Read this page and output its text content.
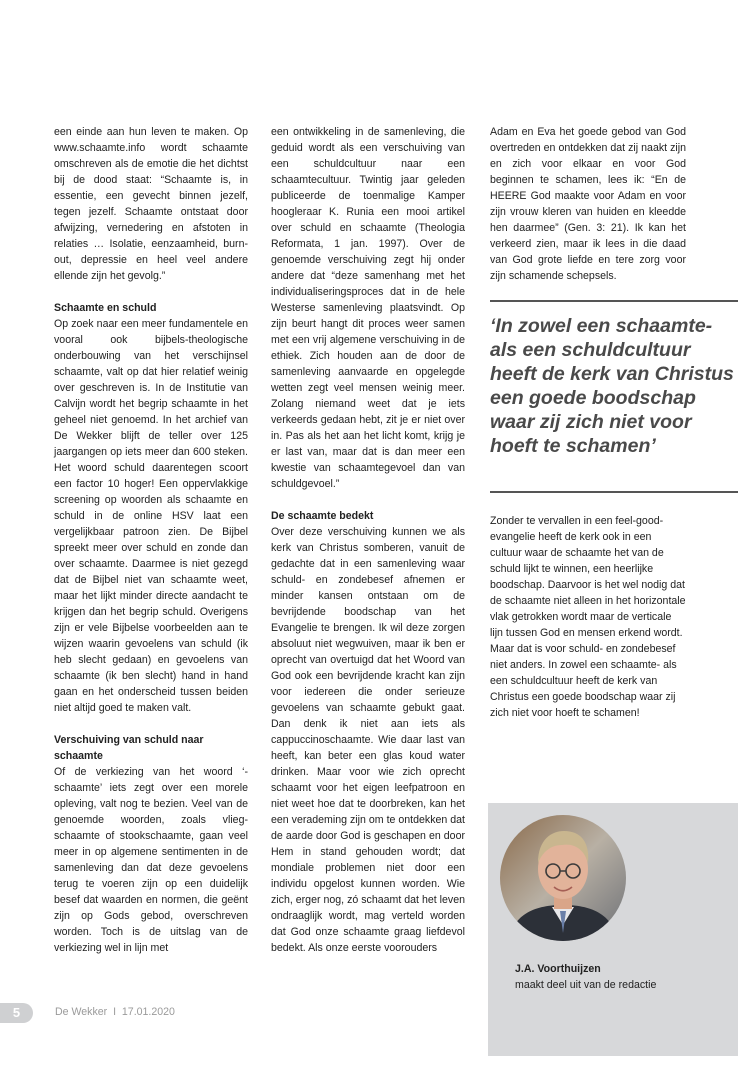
een einde aan hun leven te maken. Op www.schaamte.info wordt schaamte omschreven als de emotie die het dichtst bij de dood staat: “Schaamte is, in essentie, een gevecht binnen jezelf, tegen jezelf. Schaamte ontstaat door afwijzing, vernedering en afstoten in relaties … Isolatie, eenzaamheid, burn-out, depressie en heel veel andere ellende zijn het gevolg.”

Schaamte en schuld

Op zoek naar een meer fundamentele en vooral ook bijbels-theologische onderbouwing van het verschijnsel schaamte, valt op dat hier relatief weinig over geschreven is. In de Institutie van Calvijn wordt het begrip schaamte in het geheel niet genoemd. In het archief van De Wekker blijft de teller over 125 jaargangen op iets meer dan 600 steken. Het woord schuld daarentegen scoort een factor 10 hoger! Een oppervlakkige screening op woorden als schaamte en schuld in de online HSV laat een vergelijkbaar patroon zien. De Bijbel spreekt meer over schuld en zonde dan over schaamte. Daarmee is niet gezegd dat de Bijbel niet van schaamte weet, maar het lijkt minder directe aandacht te krijgen dan het begrip schuld. Overigens zijn er vele Bijbelse voorbeelden aan te wijzen waarin gevoelens van schuld (ik heb slecht gedaan) en gevoelens van schaamte (ik ben slecht) hand in hand gaan en het onderscheid tussen beiden niet altijd goed te maken valt.

Verschuiving van schuld naar schaamte

Of de verkiezing van het woord ‘-schaamte’ iets zegt over een morele opleving, valt nog te bezien. Veel van de genoemde woorden, zoals vlieg-schaamte of stookschaamte, gaan veel meer in op algemene sentimenten in de samenleving dan dat deze gevoelens terug te voeren zijn op een duidelijk besef dat waarden en normen, die geënt zijn op Gods gebod, overschreven worden. Toch is de uitslag van de verkiezing wel in lijn met

een ontwikkeling in de samenleving, die geduid wordt als een verschuiving van een schuldcultuur naar een schaamtecultuur. Twintig jaar geleden publiceerde de toenmalige Kamper hoogleraar K. Runia een mooi artikel over schuld en schaamte (Theologia Reformata, 1 jan. 1997). Over de genoemde verschuiving zegt hij onder andere dat “deze samenhang met het individualiseringsproces dat in de hele Westerse samenleving plaatsvindt. Op zijn beurt hangt dit proces weer samen met een vrij algemene verschuiving in de ethiek. Zich houden aan de door de samenleving aanvaarde en opgelegde wetten zegt veel mensen weinig meer. Zolang niemand weet dat je iets verkeerds gedaan hebt, zit je er niet over in. Pas als het aan het licht komt, krijg je er last van, maar dat is dan meer een kwestie van schaamtegevoel dan van schuldgevoel.”

De schaamte bedekt

Over deze verschuiving kunnen we als kerk van Christus somberen, vanuit de gedachte dat in een samenleving waar schuld- en zondebesef afnemen er minder kansen ontstaan om de bevrijdende boodschap van het Evangelie te brengen. Ik wil deze zorgen absoluut niet wegwuiven, maar ik ben er oprecht van overtuigd dat het Woord van God ook een bevrijdende kracht kan zijn voor iedereen die onder serieuze gevoelens van schaamte gebukt gaat. Dan denk ik niet aan iets als cappuccinoschaamte. Wie daar last van heeft, kan beter een glas koud water drinken. Maar voor wie zich oprecht schaamt voor het eigen leefpatroon en niet weet hoe dat te doorbreken, kan het een verademing zijn om te ontdekken dat de aarde door God is geschapen en door Hem in stand gehouden wordt; dat mondiale problemen niet door een individu opgelost kunnen worden. Wie zich, erger nog, zó schaamt dat het leven ondraaglijk wordt, mag verteld worden dat God onze schaamte graag liefdevol bedekt. Als onze eerste voorouders

Adam en Eva het goede gebod van God overtreden en ontdekken dat zij naakt zijn en zich voor elkaar en voor God beginnen te schamen, lees ik: “En de HEERE God maakte voor Adam en voor zijn vrouw kleren van huiden en kleedde hen daarmee” (Gen. 3: 21). Ik kan het verkeerd zien, maar ik lees in die daad van God grote liefde en tere zorg voor zijn schamende schepsels.

‘In zowel een schaamte- als een schuldcultuur heeft de kerk van Christus een goede boodschap waar zij zich niet voor hoeft te schamen’

Zonder te vervallen in een feel-good-evangelie heeft de kerk ook in een cultuur waar de schaamte het van de schuld lijkt te winnen, een heerlijke boodschap. Daarvoor is het wel nodig dat de schaamte niet alleen in het horizontale vlak getrokken wordt maar de verticale lijn tussen God en mensen erkend wordt. Maar dat is voor schuld- en zondebesef niet anders. In zowel een schaamte- als een schuldcultuur heeft de kerk van Christus een goede boodschap waar zij zich niet voor hoeft te schamen!

J.A. Voorthuijzen
maakt deel uit van de redactie
5	De Wekker  I  17.01.2020
